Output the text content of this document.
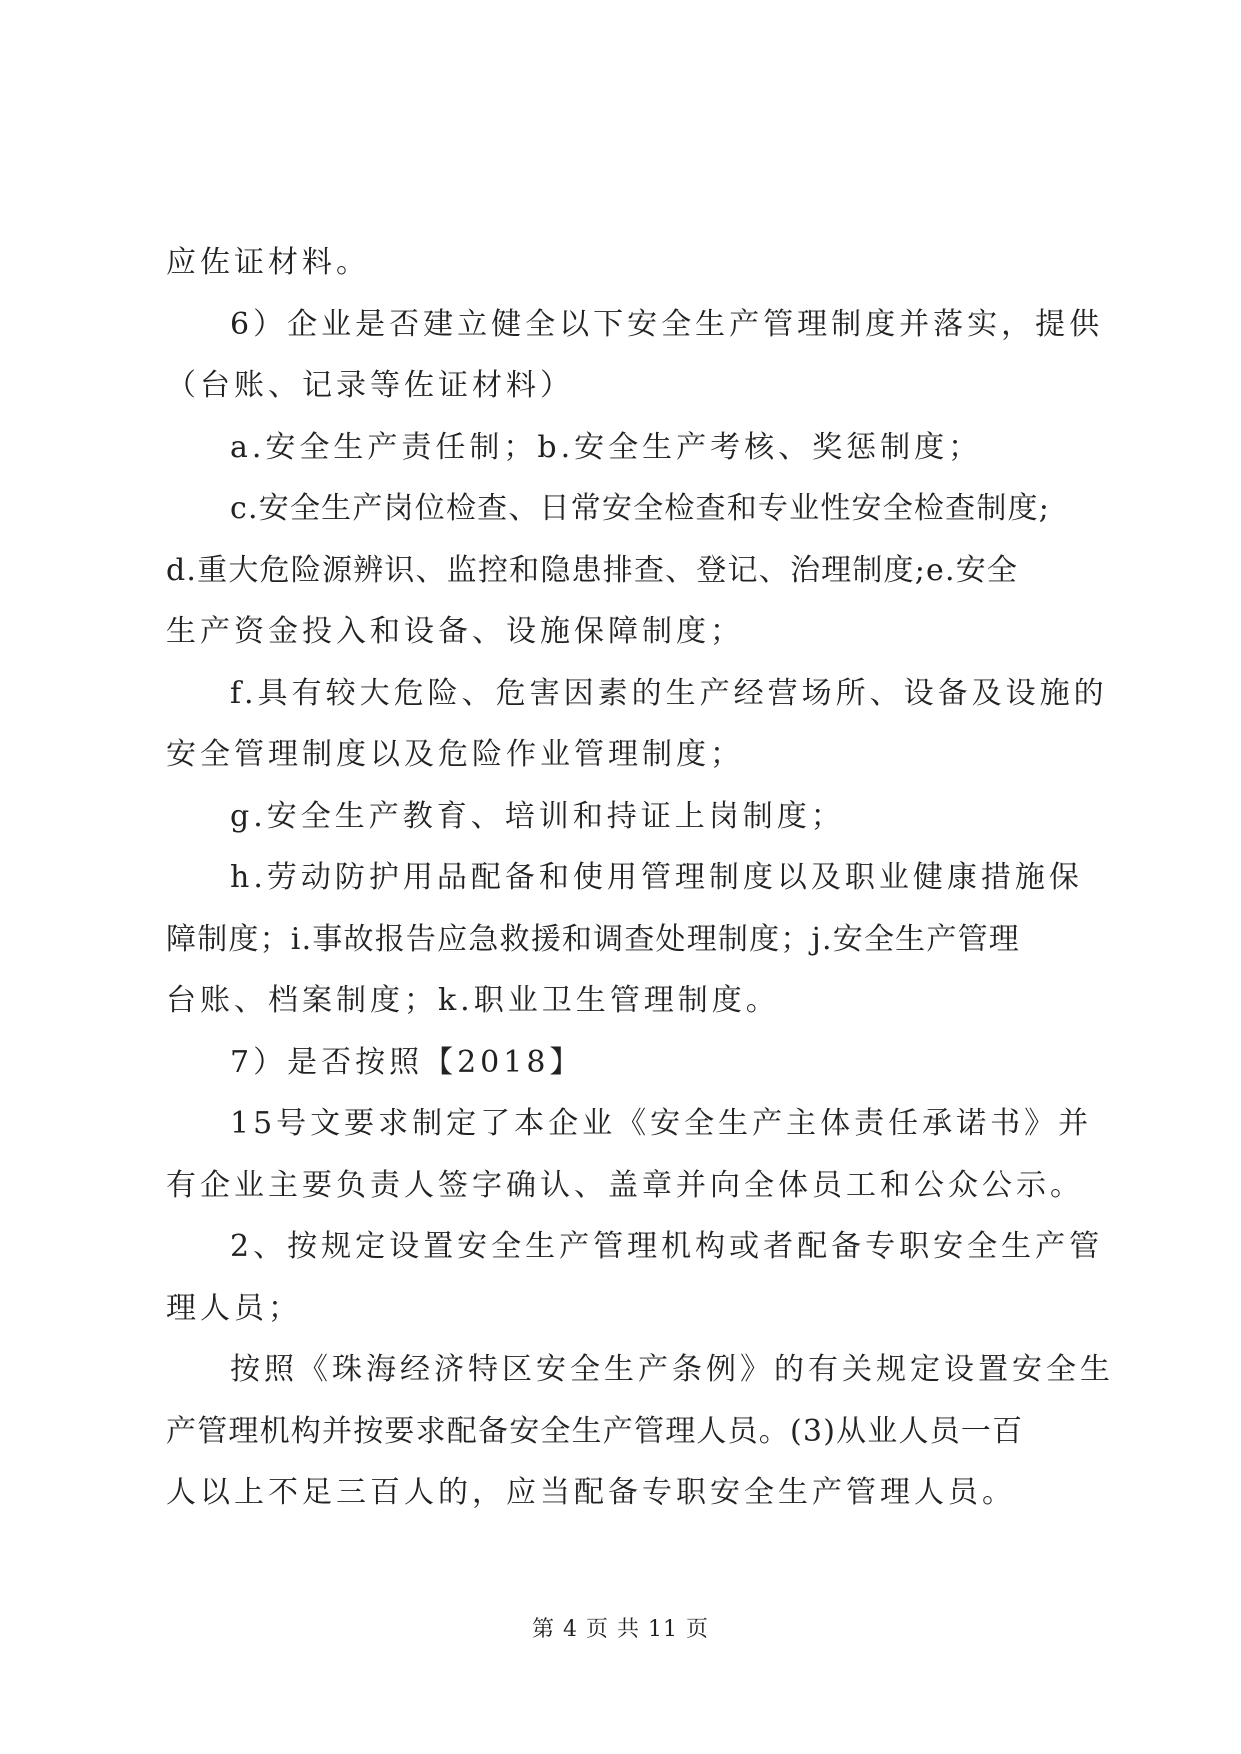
应佐证材料。
6）企业是否建立健全以下安全生产管理制度并落实，提供
（台账、记录等佐证材料）
a.安全生产责任制；b.安全生产考核、奖惩制度；
c.安全生产岗位检查、日常安全检查和专业性安全检查制度;
d.重大危险源辨识、监控和隐患排查、登记、治理制度;e.安全
生产资金投入和设备、设施保障制度；
f.具有较大危险、危害因素的生产经营场所、设备及设施的
安全管理制度以及危险作业管理制度；
g.安全生产教育、培训和持证上岗制度；
h.劳动防护用品配备和使用管理制度以及职业健康措施保
障制度；i.事故报告应急救援和调查处理制度；j.安全生产管理
台账、档案制度；k.职业卫生管理制度。
7）是否按照【2018】
15号文要求制定了本企业《安全生产主体责任承诺书》并
有企业主要负责人签字确认、盖章并向全体员工和公众公示。
2、按规定设置安全生产管理机构或者配备专职安全生产管
理人员；
按照《珠海经济特区安全生产条例》的有关规定设置安全生
产管理机构并按要求配备安全生产管理人员。(3)从业人员一百
人以上不足三百人的，应当配备专职安全生产管理人员。
第 4 页 共 11 页
